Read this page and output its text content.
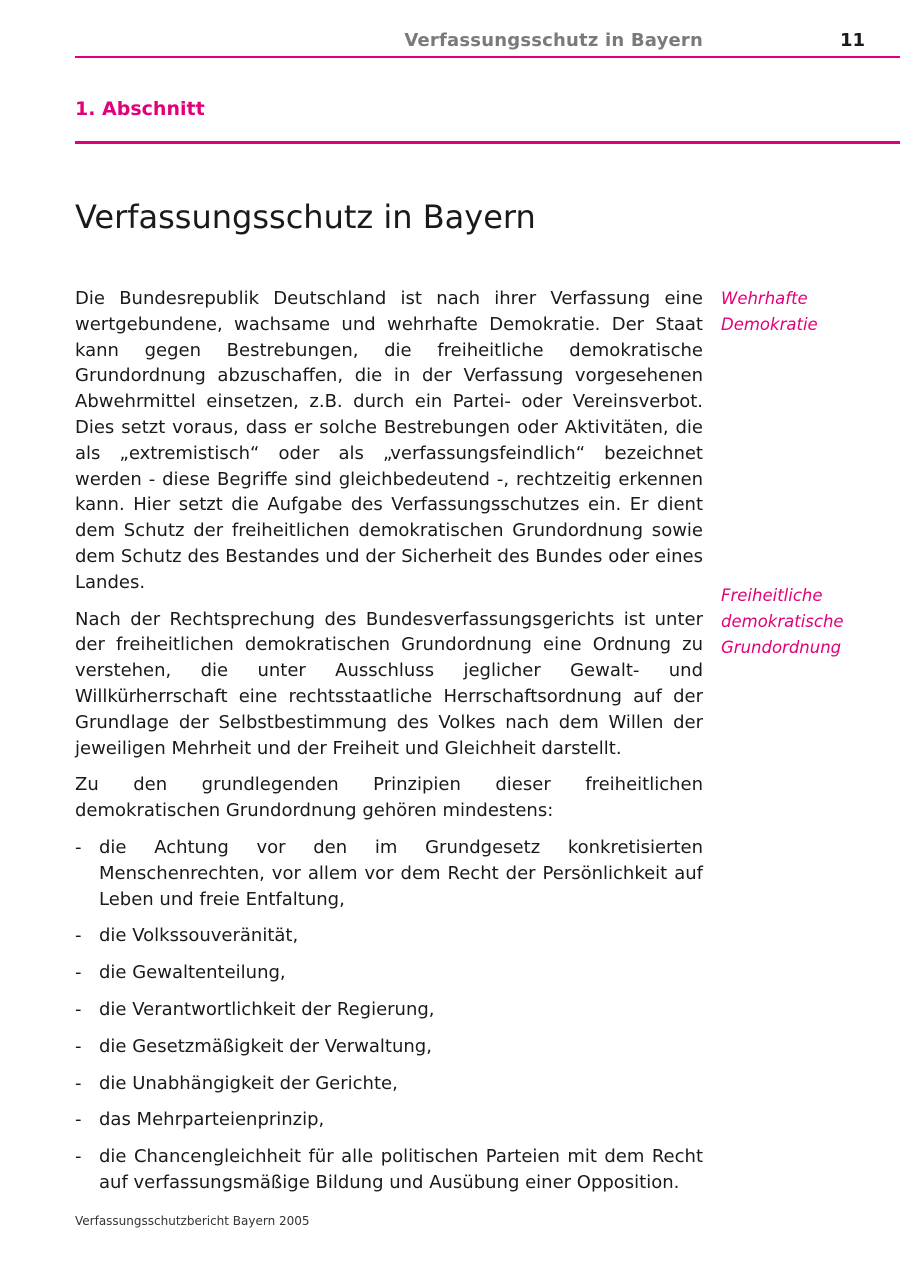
Verfassungsschutz in Bayern	11
1. Abschnitt
Verfassungsschutz in Bayern

Die Bundesrepublik Deutschland ist nach ihrer Verfassung eine wertgebundene, wachsame und wehrhafte Demokratie. Der Staat kann gegen Bestrebungen, die freiheitliche demokratische Grundordnung abzuschaffen, die in der Verfassung vorgesehenen Abwehrmittel einsetzen, z.B. durch ein Partei- oder Vereinsverbot. Dies setzt voraus, dass er solche Bestrebungen oder Aktivitäten, die als „extremistisch“ oder als „verfassungsfeindlich“ bezeichnet werden - diese Begriffe sind gleichbedeutend -, rechtzeitig erkennen kann. Hier setzt die Aufgabe des Verfassungsschutzes ein. Er dient dem Schutz der freiheitlichen demokratischen Grundordnung sowie dem Schutz des Bestandes und der Sicherheit des Bundes oder eines Landes.

Nach der Rechtsprechung des Bundesverfassungsgerichts ist unter der freiheitlichen demokratischen Grundordnung eine Ordnung zu verstehen, die unter Ausschluss jeglicher Gewalt- und Willkürherrschaft eine rechtsstaatliche Herrschaftsordnung auf der Grundlage der Selbstbestimmung des Volkes nach dem Willen der jeweiligen Mehrheit und der Freiheit und Gleichheit darstellt.

Zu den grundlegenden Prinzipien dieser freiheitlichen demokratischen Grundordnung gehören mindestens:

- die Achtung vor den im Grundgesetz konkretisierten Menschenrechten, vor allem vor dem Recht der Persönlichkeit auf Leben und freie Entfaltung,
- die Volkssouveränität,
- die Gewaltenteilung,
- die Verantwortlichkeit der Regierung,
- die Gesetzmäßigkeit der Verwaltung,
- die Unabhängigkeit der Gerichte,
- das Mehrparteienprinzip,
- die Chancengleichheit für alle politischen Parteien mit dem Recht auf verfassungsmäßige Bildung und Ausübung einer Opposition.
Wehrhafte
Demokratie
Freiheitliche
demokratische
Grundordnung
Verfassungsschutzbericht Bayern 2005
